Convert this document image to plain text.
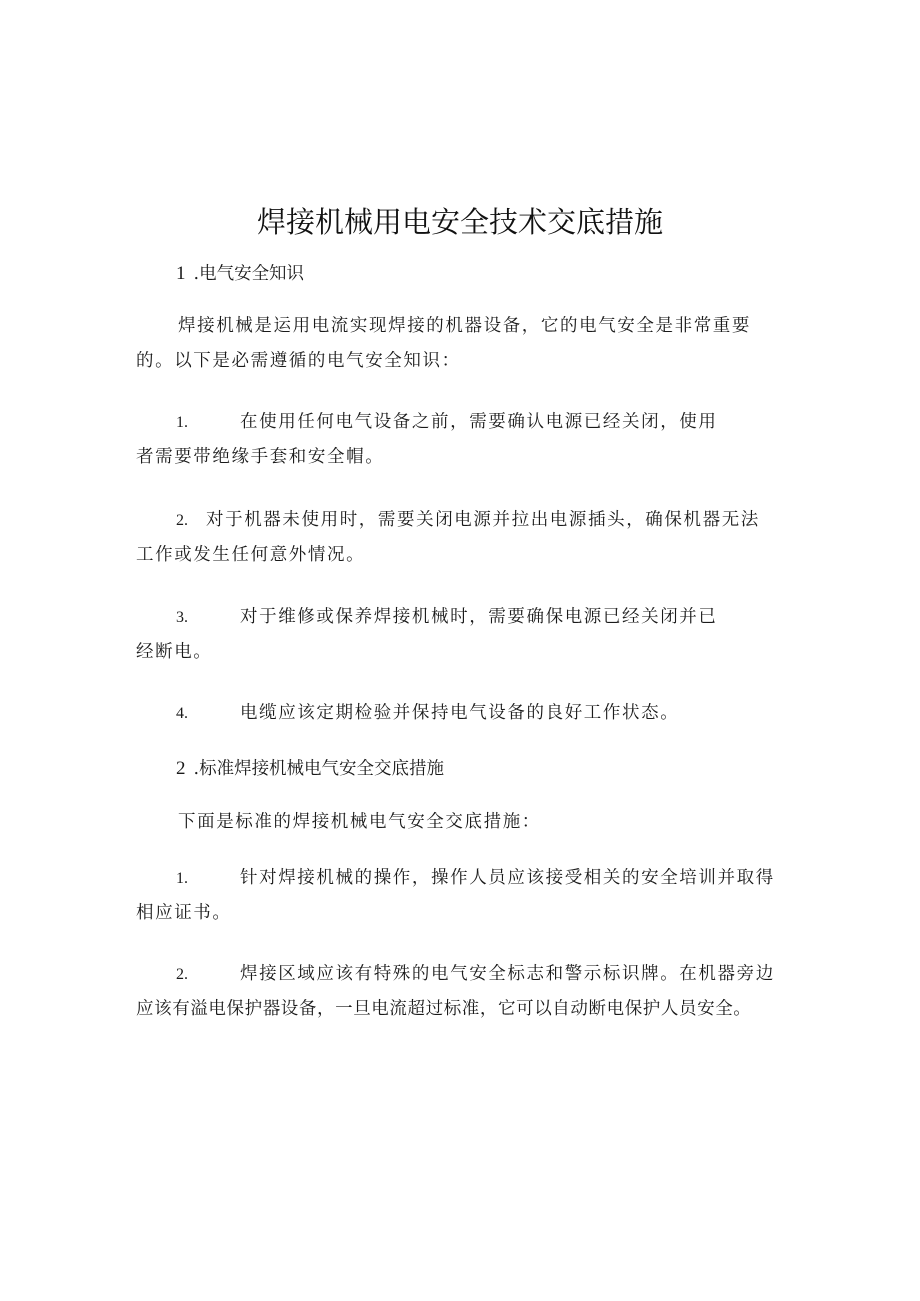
焊接机械用电安全技术交底措施
1 .电气安全知识
焊接机械是运用电流实现焊接的机器设备，它的电气安全是非常重要
的。以下是必需遵循的电气安全知识：
1.	在使用任何电气设备之前，需要确认电源已经关闭，使用
者需要带绝缘手套和安全帽。
2. 对于机器未使用时，需要关闭电源并拉出电源插头，确保机器无法
工作或发生任何意外情况。
3.	对于维修或保养焊接机械时，需要确保电源已经关闭并已
经断电。
4.	电缆应该定期检验并保持电气设备的良好工作状态。
2 .标准焊接机械电气安全交底措施
下面是标准的焊接机械电气安全交底措施：
1.	针对焊接机械的操作，操作人员应该接受相关的安全培训并取得
相应证书。
2.	焊接区域应该有特殊的电气安全标志和警示标识牌。在机器旁边
应该有溢电保护器设备，一旦电流超过标准，它可以自动断电保护人员安全。
